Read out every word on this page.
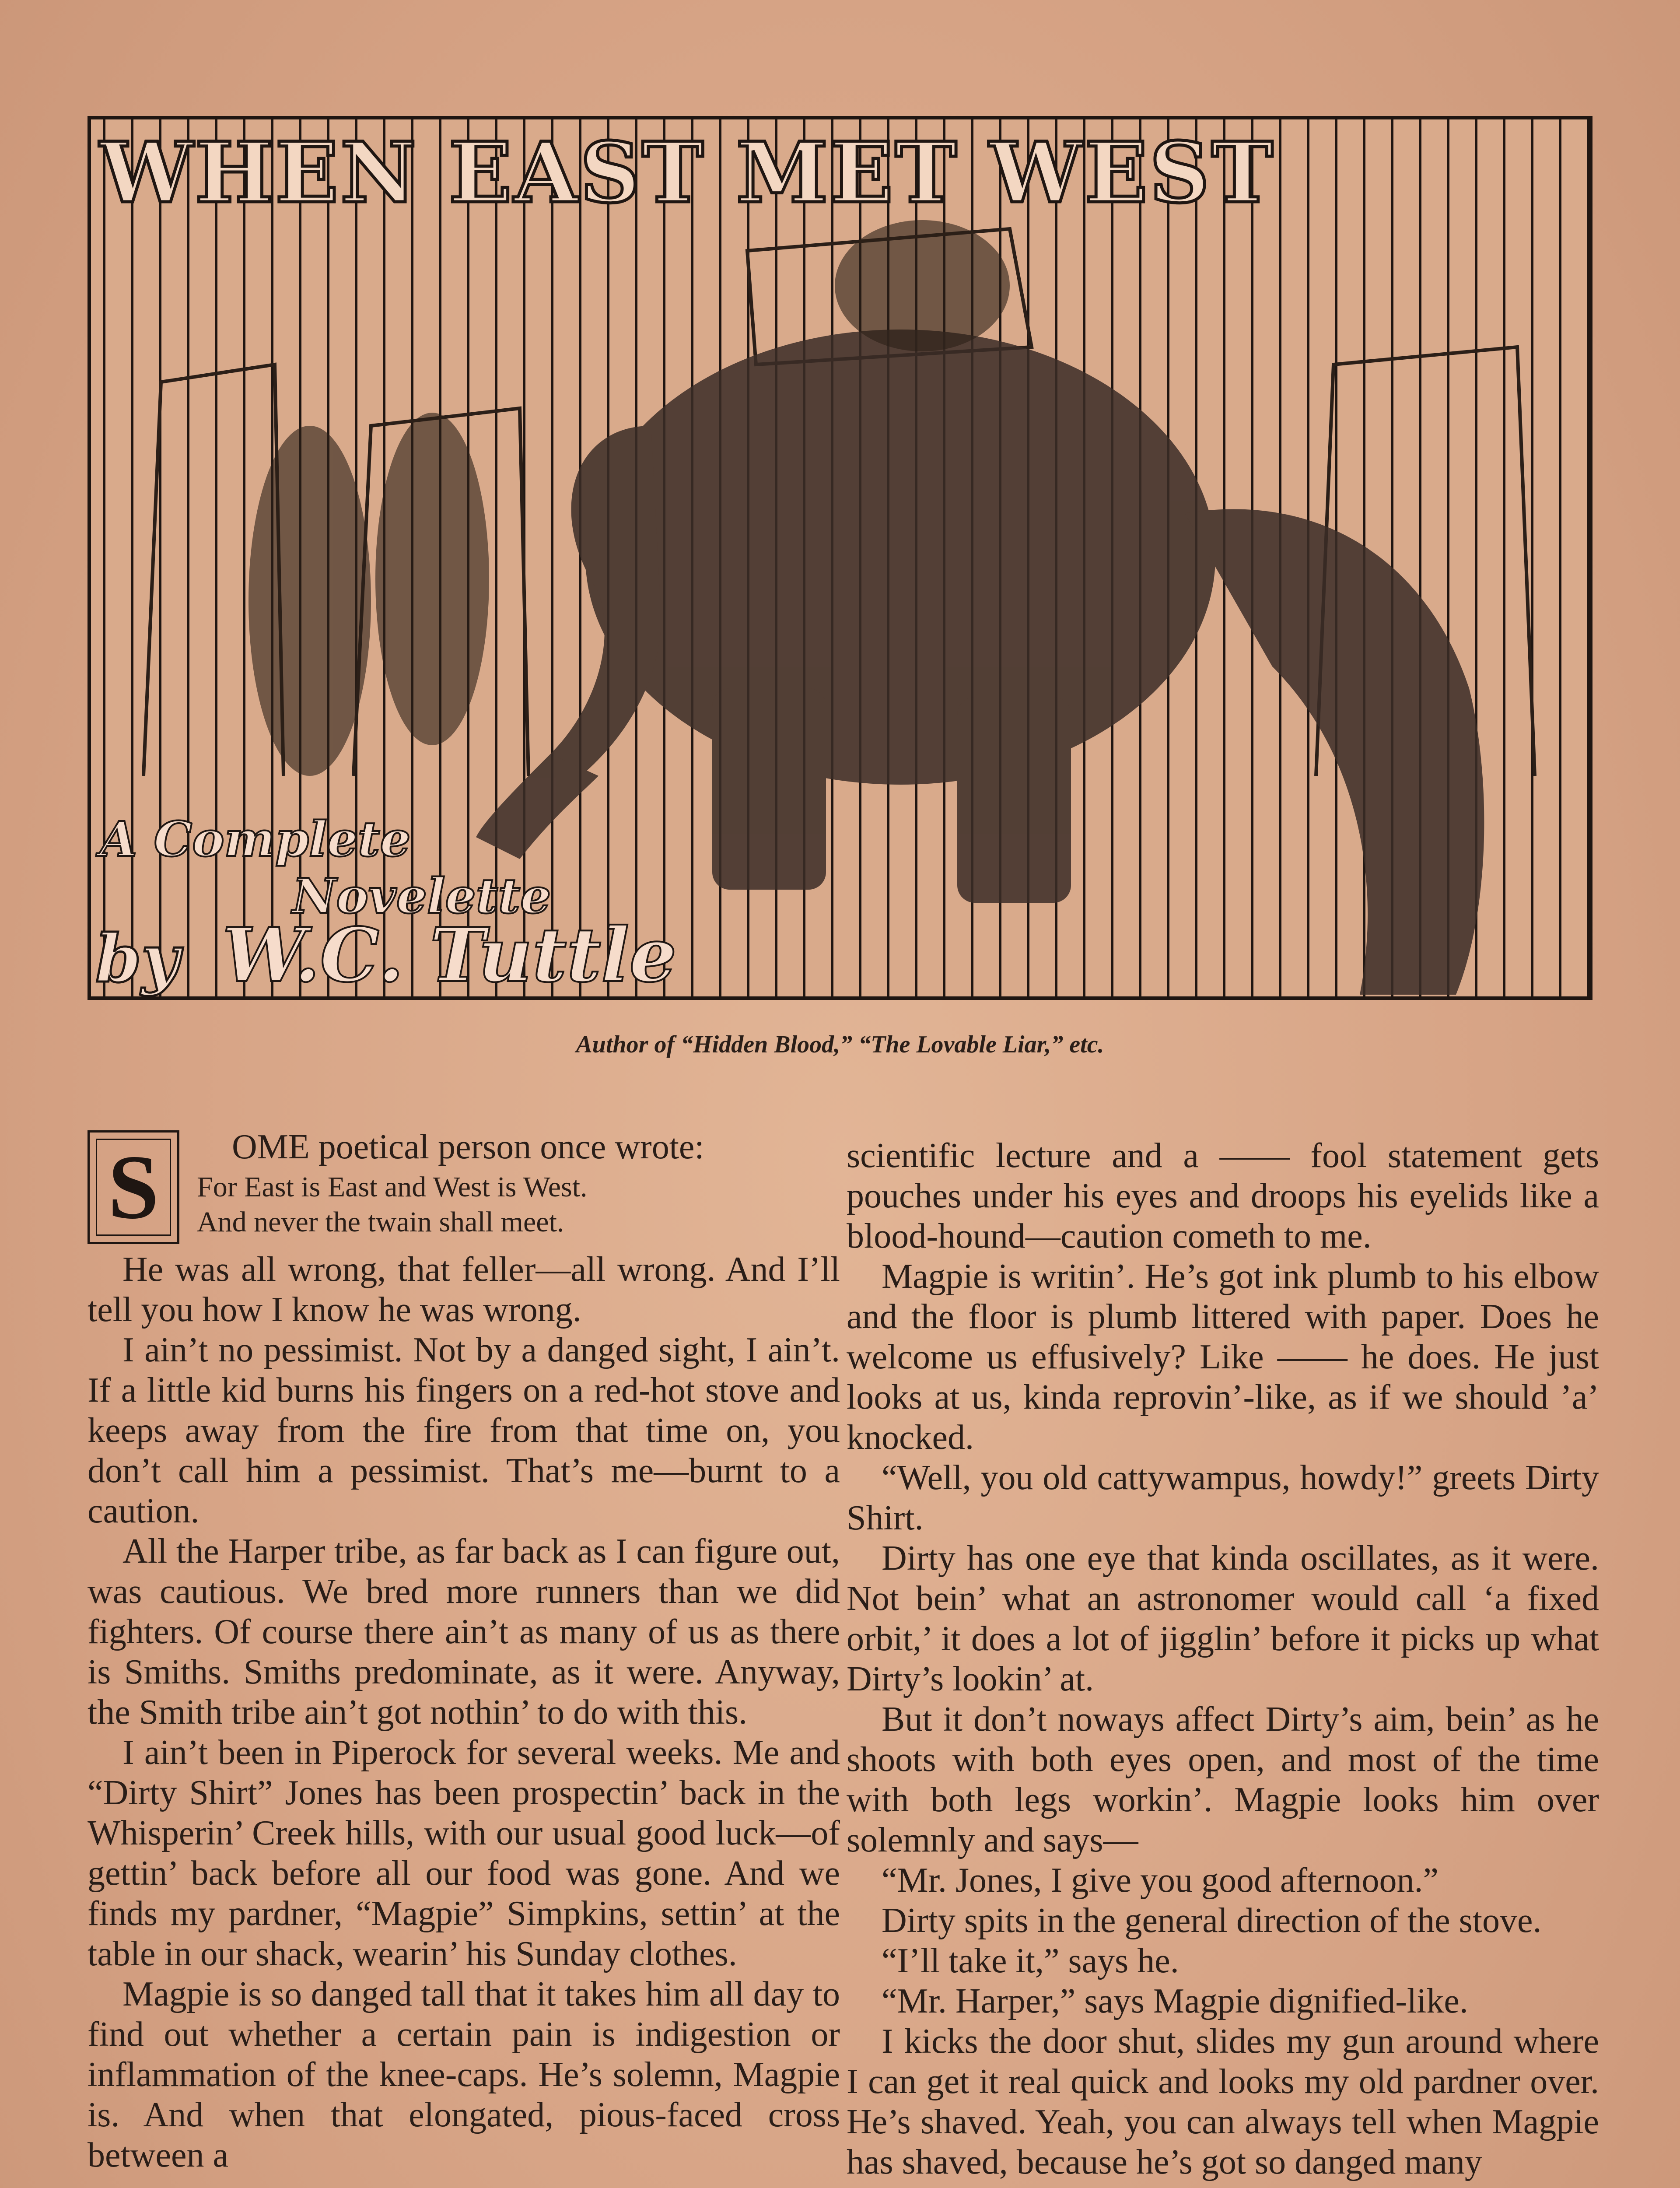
WHEN EAST MET WEST
A Complete
Novelette
by W.C. Tuttle
Author of “Hidden Blood,” “The Lovable Liar,” etc.
S	OME poetical person once wrote:

For East is East and West is West.
And never the twain shall meet.

He was all wrong, that feller—all wrong. And I’ll tell you how I know he was wrong.

I ain’t no pessimist. Not by a danged sight, I ain’t. If a little kid burns his fingers on a red-hot stove and keeps away from the fire from that time on, you don’t call him a pessimist. That’s me—burnt to a caution.

All the Harper tribe, as far back as I can figure out, was cautious. We bred more runners than we did fighters. Of course there ain’t as many of us as there is Smiths. Smiths predominate, as it were. Anyway, the Smith tribe ain’t got nothin’ to do with this.

I ain’t been in Piperock for several weeks. Me and “Dirty Shirt” Jones has been prospectin’ back in the Whisperin’ Creek hills, with our usual good luck—of gettin’ back before all our food was gone. And we finds my pardner, “Magpie” Simpkins, settin’ at the table in our shack, wearin’ his Sunday clothes.

Magpie is so danged tall that it takes him all day to find out whether a certain pain is indigestion or inflammation of the knee-caps. He’s solemn, Magpie is. And when that elongated, pious-faced cross between a

scientific lecture and a —— fool statement gets pouches under his eyes and droops his eyelids like a blood-hound—caution cometh to me.

Magpie is writin’. He’s got ink plumb to his elbow and the floor is plumb littered with paper. Does he welcome us effusively? Like —— he does. He just looks at us, kinda reprovin’-like, as if we should ’a’ knocked.

“Well, you old cattywampus, howdy!” greets Dirty Shirt.

Dirty has one eye that kinda oscillates, as it were. Not bein’ what an astronomer would call ‘a fixed orbit,’ it does a lot of jigglin’ before it picks up what Dirty’s lookin’ at.

But it don’t noways affect Dirty’s aim, bein’ as he shoots with both eyes open, and most of the time with both legs workin’. Magpie looks him over solemnly and says—

“Mr. Jones, I give you good afternoon.”

Dirty spits in the general direction of the stove.

“I’ll take it,” says he.

“Mr. Harper,” says Magpie dignified-like.

I kicks the door shut, slides my gun around where I can get it real quick and looks my old pardner over. He’s shaved. Yeah, you can always tell when Magpie has shaved, because he’s got so danged many
